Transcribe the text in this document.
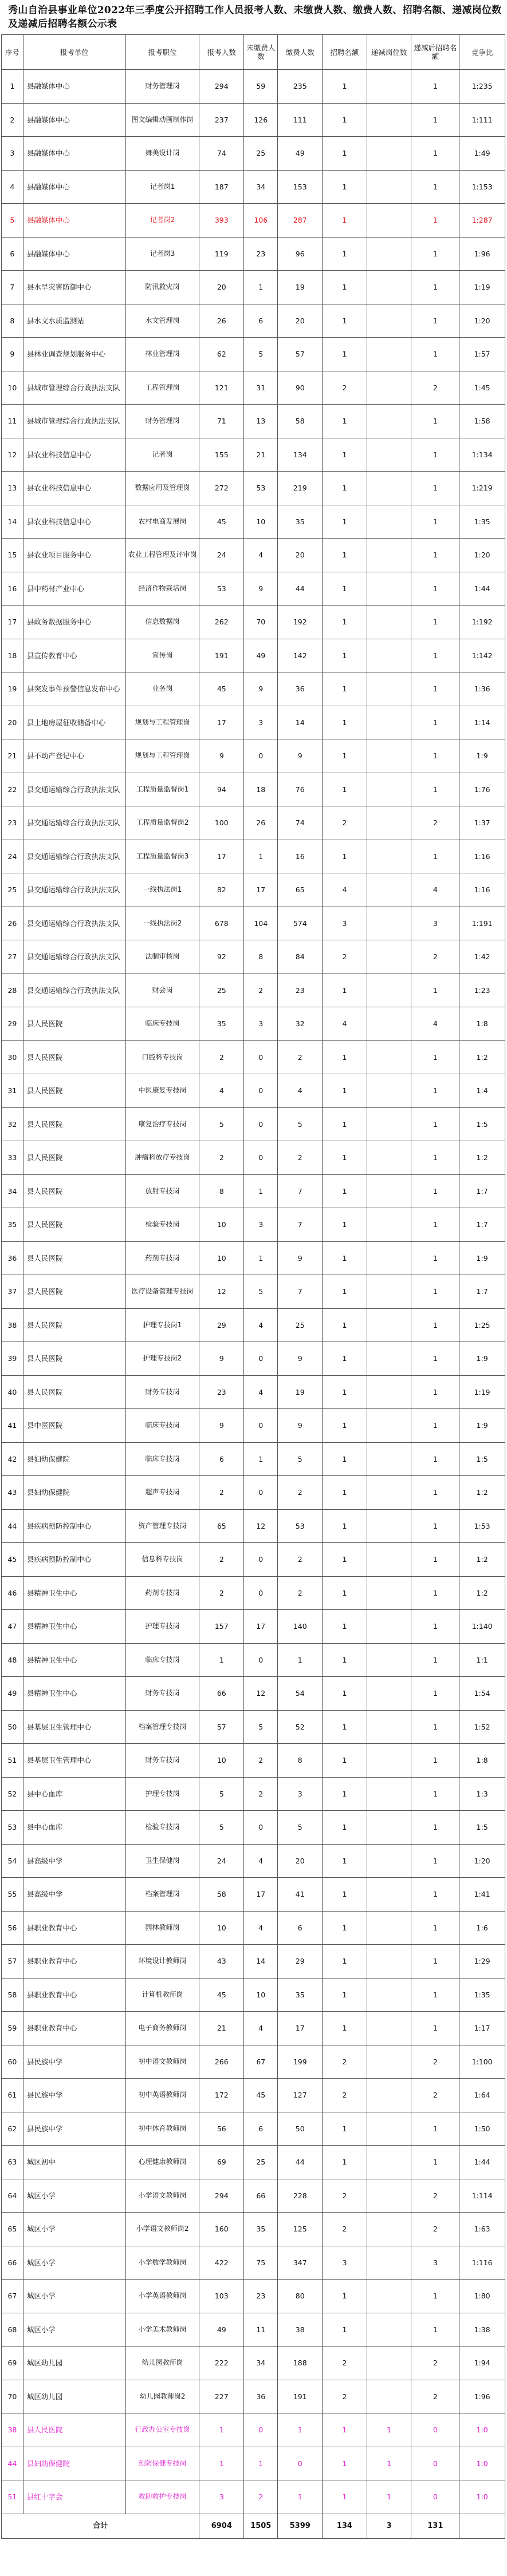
秀山自治县事业单位2022年三季度公开招聘工作人员报考人数、未缴费人数、缴费人数、招聘名额、递减岗位数及递减后招聘名额公示表
序号	报考单位	报考职位	报考人数	未缴费人数	缴费人数	招聘名额	递减岗位数	递减后招聘名额	竞争比
1	县融媒体中心	财务管理岗	294	59	235	1		1	1:235
2	县融媒体中心	图文编辑动画制作岗	237	126	111	1		1	1:111
3	县融媒体中心	舞美设计岗	74	25	49	1		1	1:49
4	县融媒体中心	记者岗1	187	34	153	1		1	1:153
5	县融媒体中心	记者岗2	393	106	287	1		1	1:287
6	县融媒体中心	记者岗3	119	23	96	1		1	1:96
7	县水旱灾害防御中心	防汛救灾岗	20	1	19	1		1	1:19
8	县水文水质监测站	水文管理岗	26	6	20	1		1	1:20
9	县林业调查规划服务中心	林业管理岗	62	5	57	1		1	1:57
10	县城市管理综合行政执法支队	工程管理岗	121	31	90	2		2	1:45
11	县城市管理综合行政执法支队	财务管理岗	71	13	58	1		1	1:58
12	县农业科技信息中心	记者岗	155	21	134	1		1	1:134
13	县农业科技信息中心	数据应用及管理岗	272	53	219	1		1	1:219
14	县农业科技信息中心	农村电商发展岗	45	10	35	1		1	1:35
15	县农业项目服务中心	农业工程管理及评审岗	24	4	20	1		1	1:20
16	县中药材产业中心	经济作物栽培岗	53	9	44	1		1	1:44
17	县政务数据服务中心	信息数据岗	262	70	192	1		1	1:192
18	县宣传教育中心	宣传岗	191	49	142	1		1	1:142
19	县突发事件预警信息发布中心	业务岗	45	9	36	1		1	1:36
20	县土地房屋征收储备中心	规划与工程管理岗	17	3	14	1		1	1:14
21	县不动产登记中心	规划与工程管理岗	9	0	9	1		1	1:9
22	县交通运输综合行政执法支队	工程质量监督岗1	94	18	76	1		1	1:76
23	县交通运输综合行政执法支队	工程质量监督岗2	100	26	74	2		2	1:37
24	县交通运输综合行政执法支队	工程质量监督岗3	17	1	16	1		1	1:16
25	县交通运输综合行政执法支队	一线执法岗1	82	17	65	4		4	1:16
26	县交通运输综合行政执法支队	一线执法岗2	678	104	574	3		3	1:191
27	县交通运输综合行政执法支队	法制审核岗	92	8	84	2		2	1:42
28	县交通运输综合行政执法支队	财会岗	25	2	23	1		1	1:23
29	县人民医院	临床专技岗	35	3	32	4		4	1:8
30	县人民医院	口腔科专技岗	2	0	2	1		1	1:2
31	县人民医院	中医康复专技岗	4	0	4	1		1	1:4
32	县人民医院	康复治疗专技岗	5	0	5	1		1	1:5
33	县人民医院	肿瘤科放疗专技岗	2	0	2	1		1	1:2
34	县人民医院	放射专技岗	8	1	7	1		1	1:7
35	县人民医院	检验专技岗	10	3	7	1		1	1:7
36	县人民医院	药剂专技岗	10	1	9	1		1	1:9
37	县人民医院	医疗设备管理专技岗	12	5	7	1		1	1:7
38	县人民医院	护理专技岗1	29	4	25	1		1	1:25
39	县人民医院	护理专技岗2	9	0	9	1		1	1:9
40	县人民医院	财务专技岗	23	4	19	1		1	1:19
41	县中医医院	临床专技岗	9	0	9	1		1	1:9
42	县妇幼保健院	临床专技岗	6	1	5	1		1	1:5
43	县妇幼保健院	超声专技岗	2	0	2	1		1	1:2
44	县疾病预防控制中心	资产管理专技岗	65	12	53	1		1	1:53
45	县疾病预防控制中心	信息科专技岗	2	0	2	1		1	1:2
46	县精神卫生中心	药剂专技岗	2	0	2	1		1	1:2
47	县精神卫生中心	护理专技岗	157	17	140	1		1	1:140
48	县精神卫生中心	临床专技岗	1	0	1	1		1	1:1
49	县精神卫生中心	财务专技岗	66	12	54	1		1	1:54
50	县基层卫生管理中心	档案管理专技岗	57	5	52	1		1	1:52
51	县基层卫生管理中心	财务专技岗	10	2	8	1		1	1:8
52	县中心血库	护理专技岗	5	2	3	1		1	1:3
53	县中心血库	检验专技岗	5	0	5	1		1	1:5
54	县高级中学	卫生保健岗	24	4	20	1		1	1:20
55	县高级中学	档案管理岗	58	17	41	1		1	1:41
56	县职业教育中心	园林教师岗	10	4	6	1		1	1:6
57	县职业教育中心	环境设计教师岗	43	14	29	1		1	1:29
58	县职业教育中心	计算机教师岗	45	10	35	1		1	1:35
59	县职业教育中心	电子商务教师岗	21	4	17	1		1	1:17
60	县民族中学	初中语文教师岗	266	67	199	2		2	1:100
61	县民族中学	初中英语教师岗	172	45	127	2		2	1:64
62	县民族中学	初中体育教师岗	56	6	50	1		1	1:50
63	城区初中	心理健康教师岗	69	25	44	1		1	1:44
64	城区小学	小学语文教师岗	294	66	228	2		2	1:114
65	城区小学	小学语文教师岗2	160	35	125	2		2	1:63
66	城区小学	小学数学教师岗	422	75	347	3		3	1:116
67	城区小学	小学英语教师岗	103	23	80	1		1	1:80
68	城区小学	小学美术教师岗	49	11	38	1		1	1:38
69	城区幼儿园	幼儿园教师岗	222	34	188	2		2	1:94
70	城区幼儿园	幼儿园教师岗2	227	36	191	2		2	1:96
38	县人民医院	行政办公室专技岗	1	0	1	1	1	0	1:0
44	县妇幼保健院	预防保健专技岗	1	1	0	1	1	0	1:0
51	县红十字会	救助救护专技岗	3	2	1	1	1	0	1:0
合计			6904	1505	5399	134	3	131	
